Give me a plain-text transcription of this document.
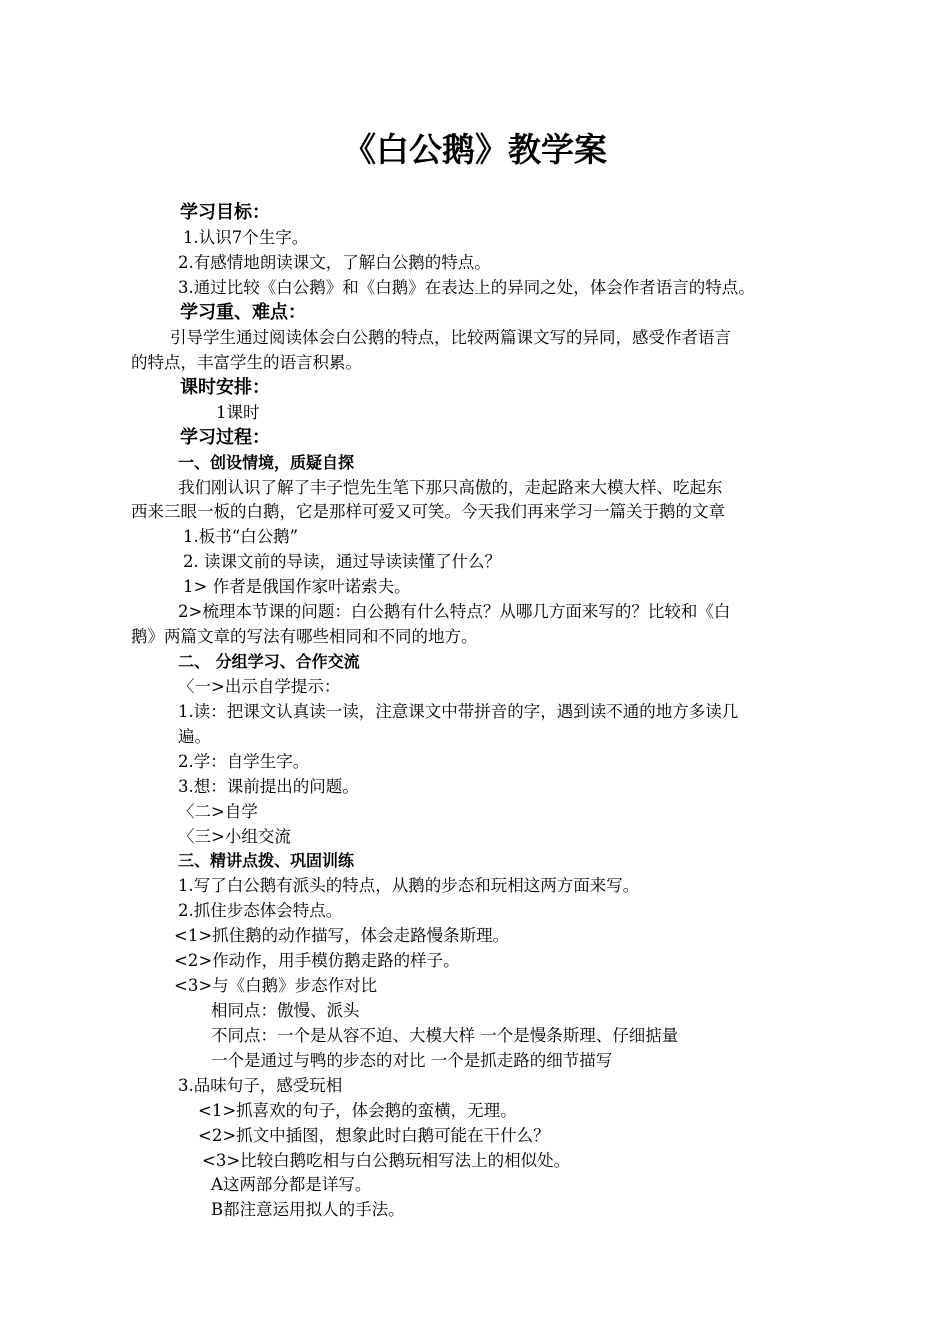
《白公鹅》教学案
学习目标：
1.认识7个生字。
2.有感情地朗读课文，了解白公鹅的特点。
3.通过比较《白公鹅》和《白鹅》在表达上的异同之处，体会作者语言的特点。
学习重、难点：
引导学生通过阅读体会白公鹅的特点，比较两篇课文写的异同，感受作者语言
的特点，丰富学生的语言积累。
课时安排：
1课时
学习过程：
一、创设情境，质疑自探
我们刚认识了解了丰子恺先生笔下那只高傲的，走起路来大模大样、吃起东
西来三眼一板的白鹅，它是那样可爱又可笑。今天我们再来学习一篇关于鹅的文章
1.板书“白公鹅”
2. 读课文前的导读，通过导读读懂了什么？
1> 作者是俄国作家叶诺索夫。
2>梳理本节课的问题：白公鹅有什么特点？从哪几方面来写的？比较和《白
鹅》两篇文章的写法有哪些相同和不同的地方。
二、 分组学习、合作交流
〈一>出示自学提示：
1.读：把课文认真读一读，注意课文中带拼音的字，遇到读不通的地方多读几
遍。
2.学：自学生字。
3.想：课前提出的问题。
〈二>自学
〈三>小组交流
三、精讲点拨、巩固训练
1.写了白公鹅有派头的特点，从鹅的步态和玩相这两方面来写。
2.抓住步态体会特点。
<1>抓住鹅的动作描写，体会走路慢条斯理。
<2>作动作，用手模仿鹅走路的样子。
<3>与《白鹅》步态作对比
相同点：傲慢、派头
不同点：一个是从容不迫、大模大样 一个是慢条斯理、仔细掂量
一个是通过与鸭的步态的对比 一个是抓走路的细节描写
3.品味句子，感受玩相
<1>抓喜欢的句子，体会鹅的蛮横，无理。
<2>抓文中插图，想象此时白鹅可能在干什么？
<3>比较白鹅吃相与白公鹅玩相写法上的相似处。
A这两部分都是详写。
B都注意运用拟人的手法。
